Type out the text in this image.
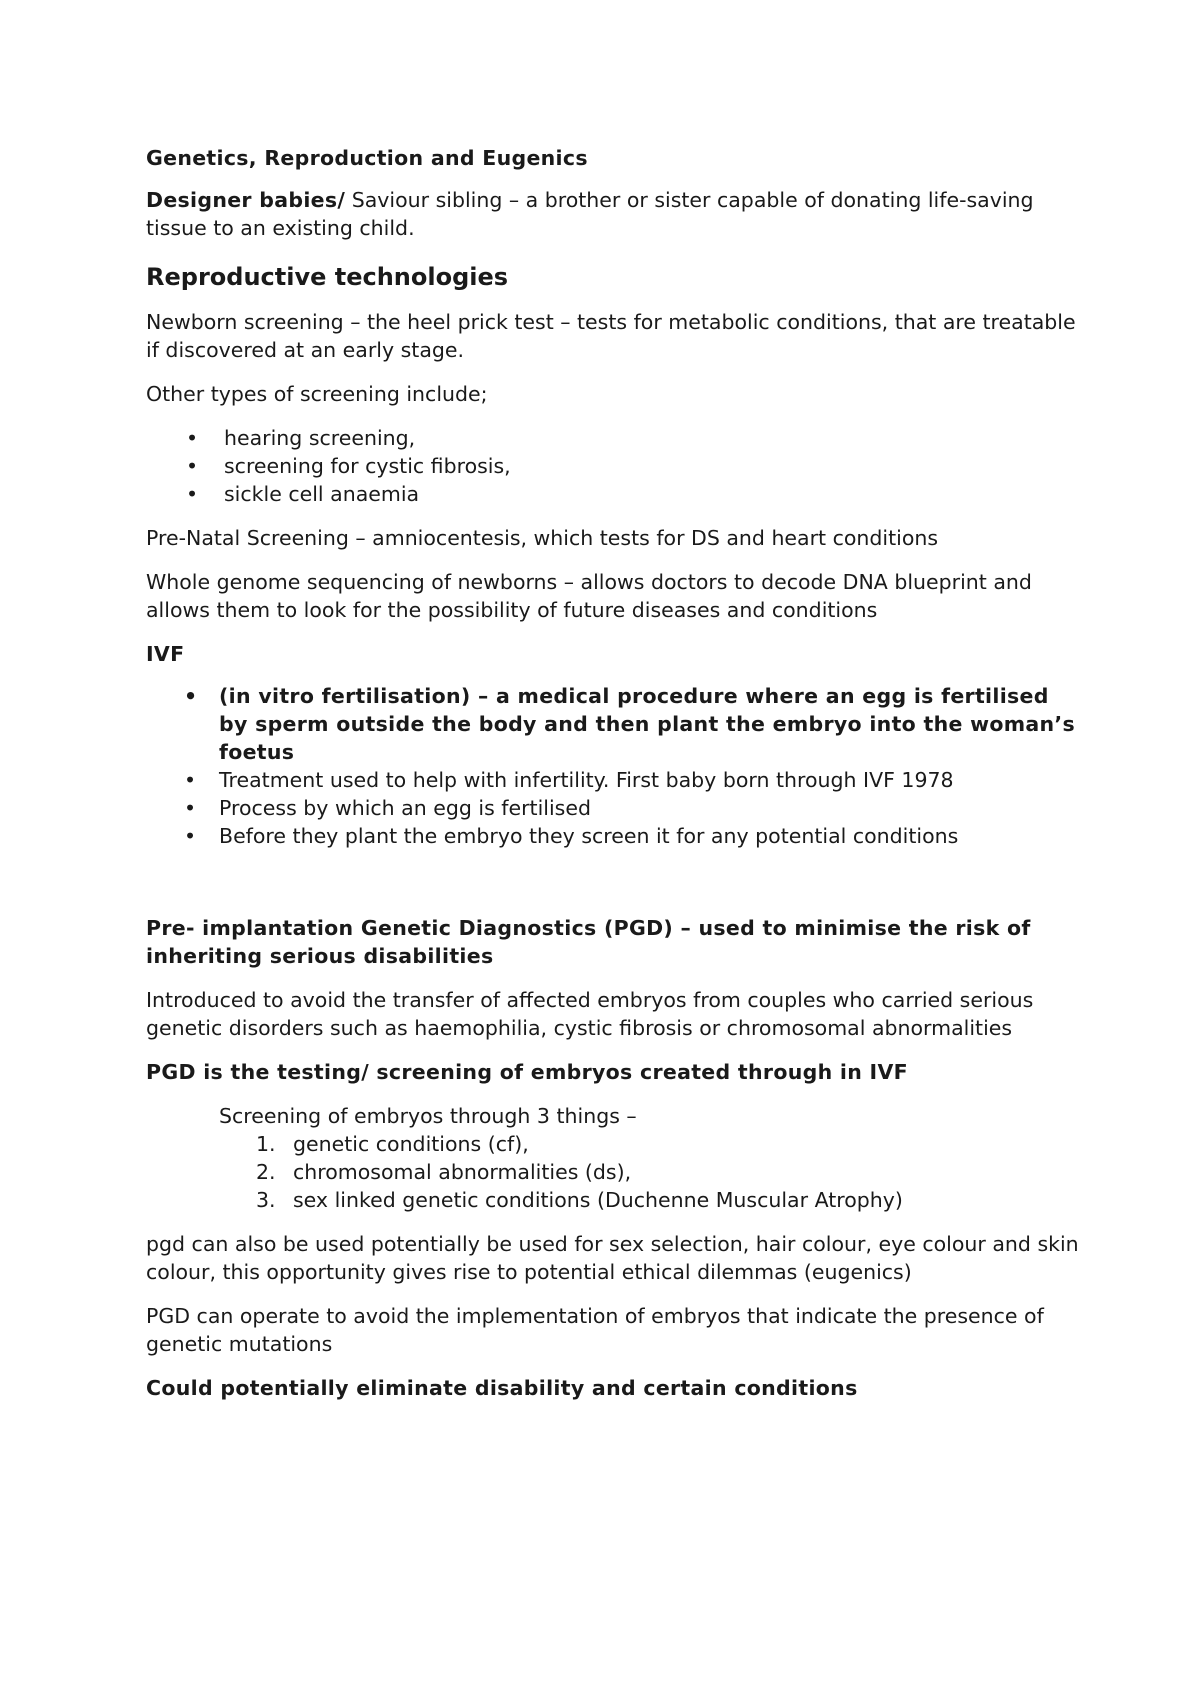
Genetics, Reproduction and Eugenics

Designer babies/ Saviour sibling – a brother or sister capable of donating life-saving tissue to an existing child.

Reproductive technologies

Newborn screening – the heel prick test – tests for metabolic conditions, that are treatable if discovered at an early stage.

Other types of screening include;

• hearing screening,
• screening for cystic fibrosis,
• sickle cell anaemia

Pre-Natal Screening – amniocentesis, which tests for DS and heart conditions

Whole genome sequencing of newborns – allows doctors to decode DNA blueprint and allows them to look for the possibility of future diseases and conditions

IVF

• (in vitro fertilisation) – a medical procedure where an egg is fertilised by sperm outside the body and then plant the embryo into the woman’s foetus
• Treatment used to help with infertility. First baby born through IVF 1978
• Process by which an egg is fertilised
• Before they plant the embryo they screen it for any potential conditions

Pre- implantation Genetic Diagnostics (PGD) – used to minimise the risk of inheriting serious disabilities

Introduced to avoid the transfer of affected embryos from couples who carried serious genetic disorders such as haemophilia, cystic fibrosis or chromosomal abnormalities

PGD is the testing/ screening of embryos created through in IVF

Screening of embryos through 3 things –

1. genetic conditions (cf),
2. chromosomal abnormalities (ds),
3. sex linked genetic conditions (Duchenne Muscular Atrophy)

pgd can also be used potentially be used for sex selection, hair colour, eye colour and skin colour, this opportunity gives rise to potential ethical dilemmas (eugenics)

PGD can operate to avoid the implementation of embryos that indicate the presence of genetic mutations

Could potentially eliminate disability and certain conditions
